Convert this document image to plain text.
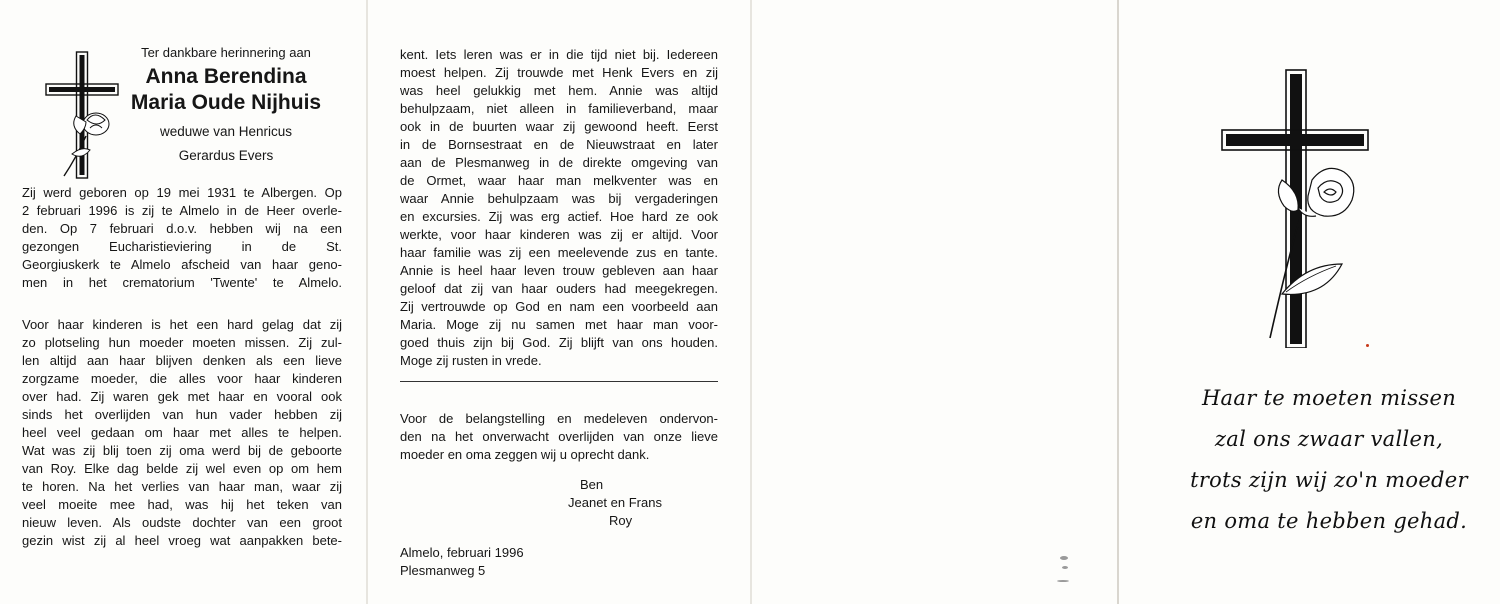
Ter dankbare herinnering aan
Anna Berendina
Maria Oude Nijhuis
weduwe van Henricus
Gerardus Evers
Zij werd geboren op 19 mei 1931 te Albergen. Op
2 februari 1996 is zij te Almelo in de Heer overle-
den. Op 7 februari d.o.v. hebben wij na een
gezongen Eucharistieviering in de St.
Georgiuskerk te Almelo afscheid van haar geno-
men in het crematorium 'Twente' te Almelo.
Voor haar kinderen is het een hard gelag dat zij
zo plotseling hun moeder moeten missen. Zij zul-
len altijd aan haar blijven denken als een lieve
zorgzame moeder, die alles voor haar kinderen
over had. Zij waren gek met haar en vooral ook
sinds het overlijden van hun vader hebben zij
heel veel gedaan om haar met alles te helpen.
Wat was zij blij toen zij oma werd bij de geboorte
van Roy. Elke dag belde zij wel even op om hem
te horen. Na het verlies van haar man, waar zij
veel moeite mee had, was hij het teken van
nieuw leven. Als oudste dochter van een groot
gezin wist zij al heel vroeg wat aanpakken bete-
kent. Iets leren was er in die tijd niet bij. Iedereen
moest helpen. Zij trouwde met Henk Evers en zij
was heel gelukkig met hem. Annie was altijd
behulpzaam, niet alleen in familieverband, maar
ook in de buurten waar zij gewoond heeft. Eerst
in de Bornsestraat en de Nieuwstraat en later
aan de Plesmanweg in de direkte omgeving van
de Ormet, waar haar man melkventer was en
waar Annie behulpzaam was bij vergaderingen
en excursies. Zij was erg actief. Hoe hard ze ook
werkte, voor haar kinderen was zij er altijd. Voor
haar familie was zij een meelevende zus en tante.
Annie is heel haar leven trouw gebleven aan haar
geloof dat zij van haar ouders had meegekregen.
Zij vertrouwde op God en nam een voorbeeld aan
Maria. Moge zij nu samen met haar man voor-
goed thuis zijn bij God. Zij blijft van ons houden.
Moge zij rusten in vrede.
Voor de belangstelling en medeleven ondervon-
den na het onverwacht overlijden van onze lieve
moeder en oma zeggen wij u oprecht dank.
Ben
Jeanet en Frans
Roy
Almelo, februari 1996
Plesmanweg 5
Haar te moeten missen
zal ons zwaar vallen,
trots zijn wij zo'n moeder
en oma te hebben gehad.
